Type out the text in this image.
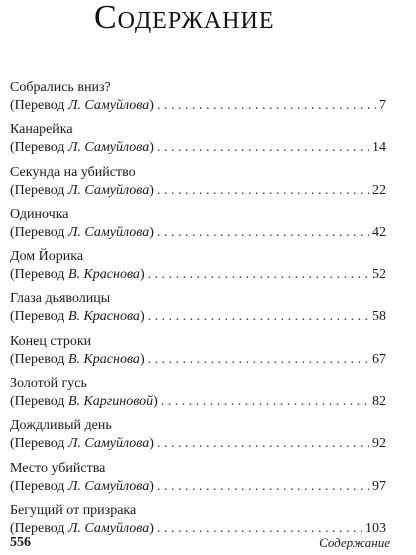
Содержание
Собрались вниз?
(Перевод Л. Самуйлова) . . .	7
Канарейка
(Перевод Л. Самуйлова) . . .	14
Секунда на убийство
(Перевод Л. Самуйлова) . . .	22
Одиночка
(Перевод Л. Самуйлова) . . .	42
Дом Йорика
(Перевод В. Краснова) . . .	52
Глаза дьяволицы
(Перевод В. Краснова) . . .	58
Конец строки
(Перевод В. Краснова) . . .	67
Золотой гусь
(Перевод В. Каргиновой) . . .	82
Дождливый день
(Перевод Л. Самуйлова) . . .	92
Место убийства
(Перевод Л. Самуйлова) . . .	97
Бегущий от призрака
(Перевод Л. Самуйлова) . . .	103
556	Содержание
